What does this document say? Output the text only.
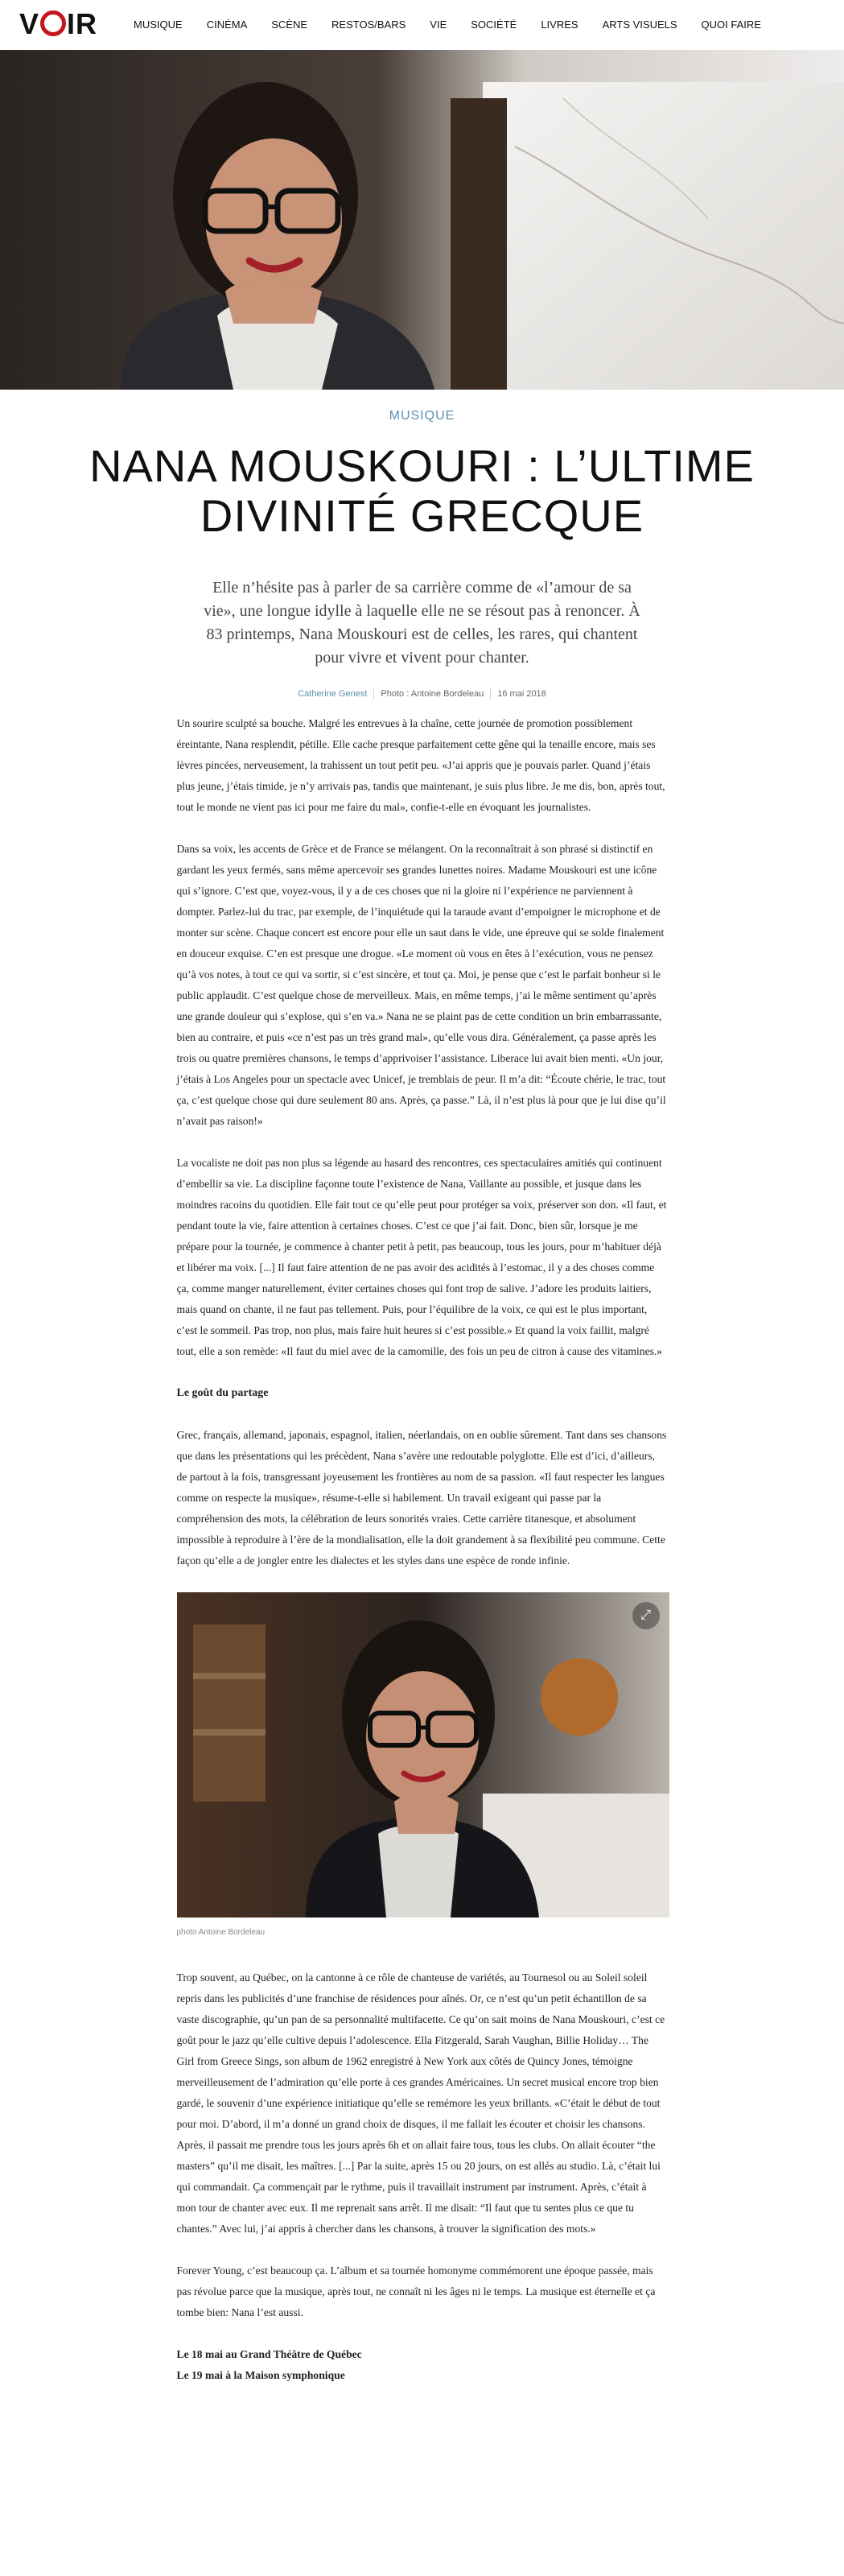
V IR	MUSIQUE	CINÉMA	SCÈNE	RESTOS/BARS	VIE	SOCIÉTÉ	LIVRES	ARTS VISUELS	QUOI FAIRE
MUSIQUE
NANA MOUSKOURI : L’ULTIME DIVINITÉ GRECQUE

Elle n’hésite pas à parler de sa carrière comme de «l’amour de sa vie», une longue idylle à laquelle elle ne se résout pas à renoncer. À 83 printemps, Nana Mouskouri est de celles, les rares, qui chantent pour vivre et vivent pour chanter.

Catherine Genest Photo : Antoine Bordeleau 16 mai 2018

Un sourire sculpté sa bouche. Malgré les entrevues à la chaîne, cette journée de promotion possiblement éreintante, Nana resplendit, pétille. Elle cache presque parfaitement cette gêne qui la tenaille encore, mais ses lèvres pincées, nerveusement, la trahissent un tout petit peu. «J’ai appris que je pouvais parler. Quand j’étais plus jeune, j’étais timide, je n’y arrivais pas, tandis que maintenant, je suis plus libre. Je me dis, bon, après tout, tout le monde ne vient pas ici pour me faire du mal», confie-t-elle en évoquant les journalistes.

Dans sa voix, les accents de Grèce et de France se mélangent. On la reconnaîtrait à son phrasé si distinctif en gardant les yeux fermés, sans même apercevoir ses grandes lunettes noires. Madame Mouskouri est une icône qui s’ignore. C’est que, voyez-vous, il y a de ces choses que ni la gloire ni l’expérience ne parviennent à dompter. Parlez-lui du trac, par exemple, de l’inquiétude qui la taraude avant d’empoigner le microphone et de monter sur scène. Chaque concert est encore pour elle un saut dans le vide, une épreuve qui se solde finalement en douceur exquise. C’en est presque une drogue. «Le moment où vous en êtes à l’exécution, vous ne pensez qu’à vos notes, à tout ce qui va sortir, si c’est sincère, et tout ça. Moi, je pense que c’est le parfait bonheur si le public applaudit. C’est quelque chose de merveilleux. Mais, en même temps, j’ai le même sentiment qu’après une grande douleur qui s’explose, qui s’en va.» Nana ne se plaint pas de cette condition un brin embarrassante, bien au contraire, et puis «ce n’est pas un très grand mal», qu’elle vous dira. Généralement, ça passe après les trois ou quatre premières chansons, le temps d’apprivoiser l’assistance. Liberace lui avait bien menti. «Un jour, j’étais à Los Angeles pour un spectacle avec Unicef, je tremblais de peur. Il m’a dit: “Écoute chérie, le trac, tout ça, c’est quelque chose qui dure seulement 80 ans. Après, ça passe.” Là, il n’est plus là pour que je lui dise qu’il n’avait pas raison!»

La vocaliste ne doit pas non plus sa légende au hasard des rencontres, ces spectaculaires amitiés qui continuent d’embellir sa vie. La discipline façonne toute l’existence de Nana, Vaillante au possible, et jusque dans les moindres racoins du quotidien. Elle fait tout ce qu’elle peut pour protéger sa voix, préserver son don. «Il faut, et pendant toute la vie, faire attention à certaines choses. C’est ce que j’ai fait. Donc, bien sûr, lorsque je me prépare pour la tournée, je commence à chanter petit à petit, pas beaucoup, tous les jours, pour m’habituer déjà et libérer ma voix. [...] Il faut faire attention de ne pas avoir des acidités à l’estomac, il y a des choses comme ça, comme manger naturellement, éviter certaines choses qui font trop de salive. J’adore les produits laitiers, mais quand on chante, il ne faut pas tellement. Puis, pour l’équilibre de la voix, ce qui est le plus important, c’est le sommeil. Pas trop, non plus, mais faire huit heures si c’est possible.» Et quand la voix faillit, malgré tout, elle a son remède: «Il faut du miel avec de la camomille, des fois un peu de citron à cause des vitamines.»

Le goût du partage

Grec, français, allemand, japonais, espagnol, italien, néerlandais, on en oublie sûrement. Tant dans ses chansons que dans les présentations qui les précèdent, Nana s’avère une redoutable polyglotte. Elle est d’ici, d’ailleurs, de partout à la fois, transgressant joyeusement les frontières au nom de sa passion. «Il faut respecter les langues comme on respecte la musique», résume-t-elle si habilement. Un travail exigeant qui passe par la compréhension des mots, la célébration de leurs sonorités vraies. Cette carrière titanesque, et absolument impossible à reproduire à l’ère de la mondialisation, elle la doit grandement à sa flexibilité peu commune. Cette façon qu’elle a de jongler entre les dialectes et les styles dans une espèce de ronde infinie.

⤢
photo Antoine Bordeleau

Trop souvent, au Québec, on la cantonne à ce rôle de chanteuse de variétés, au Tournesol ou au Soleil soleil repris dans les publicités d’une franchise de résidences pour aînés. Or, ce n’est qu’un petit échantillon de sa vaste discographie, qu’un pan de sa personnalité multifacette. Ce qu’on sait moins de Nana Mouskouri, c’est ce goût pour le jazz qu’elle cultive depuis l’adolescence. Ella Fitzgerald, Sarah Vaughan, Billie Holiday… The Girl from Greece Sings, son album de 1962 enregistré à New York aux côtés de Quincy Jones, témoigne merveilleusement de l’admiration qu’elle porte à ces grandes Américaines. Un secret musical encore trop bien gardé, le souvenir d’une expérience initiatique qu’elle se remémore les yeux brillants. «C’était le début de tout pour moi. D’abord, il m’a donné un grand choix de disques, il me fallait les écouter et choisir les chansons. Après, il passait me prendre tous les jours après 6h et on allait faire tous, tous les clubs. On allait écouter “the masters” qu’il me disait, les maîtres. [...] Par la suite, après 15 ou 20 jours, on est allés au studio. Là, c’était lui qui commandait. Ça commençait par le rythme, puis il travaillait instrument par instrument. Après, c’était à mon tour de chanter avec eux. Il me reprenait sans arrêt. Il me disait: “Il faut que tu sentes plus ce que tu chantes.” Avec lui, j’ai appris à chercher dans les chansons, à trouver la signification des mots.»

Forever Young, c’est beaucoup ça. L’album et sa tournée homonyme commémorent une époque passée, mais pas révolue parce que la musique, après tout, ne connaît ni les âges ni le temps. La musique est éternelle et ça tombe bien: Nana l’est aussi.

Le 18 mai au Grand Théâtre de Québec
Le 19 mai à la Maison symphonique
